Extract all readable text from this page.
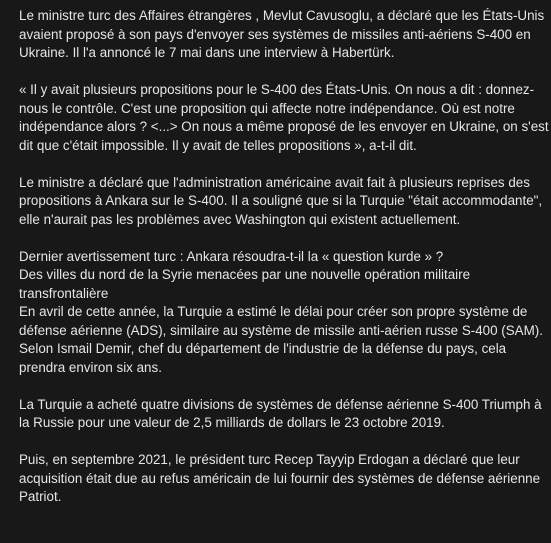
Le ministre turc des Affaires étrangères , Mevlut Cavusoglu, a déclaré que les États-Unis
avaient proposé à son pays d'envoyer ses systèmes de missiles anti-aériens S-400 en
Ukraine. Il l'a annoncé le 7 mai dans une interview à Habertürk.

« Il y avait plusieurs propositions pour le S-400 des États-Unis. On nous a dit : donnez-
nous le contrôle. C'est une proposition qui affecte notre indépendance. Où est notre
indépendance alors ? <...> On nous a même proposé de les envoyer en Ukraine, on s'est
dit que c'était impossible. Il y avait de telles propositions », a-t-il dit.

Le ministre a déclaré que l'administration américaine avait fait à plusieurs reprises des
propositions à Ankara sur le S-400. Il a souligné que si la Turquie "était accommodante",
elle n'aurait pas les problèmes avec Washington qui existent actuellement.

Dernier avertissement turc : Ankara résoudra-t-il la « question kurde » ?
Des villes du nord de la Syrie menacées par une nouvelle opération militaire
transfrontalière
En avril de cette année, la Turquie a estimé le délai pour créer son propre système de
défense aérienne (ADS), similaire au système de missile anti-aérien russe S-400 (SAM).
Selon Ismail Demir, chef du département de l'industrie de la défense du pays, cela
prendra environ six ans.

La Turquie a acheté quatre divisions de systèmes de défense aérienne S-400 Triumph à
la Russie pour une valeur de 2,5 milliards de dollars le 23 octobre 2019.

Puis, en septembre 2021, le président turc Recep Tayyip Erdogan a déclaré que leur
acquisition était due au refus américain de lui fournir des systèmes de défense aérienne
Patriot.
